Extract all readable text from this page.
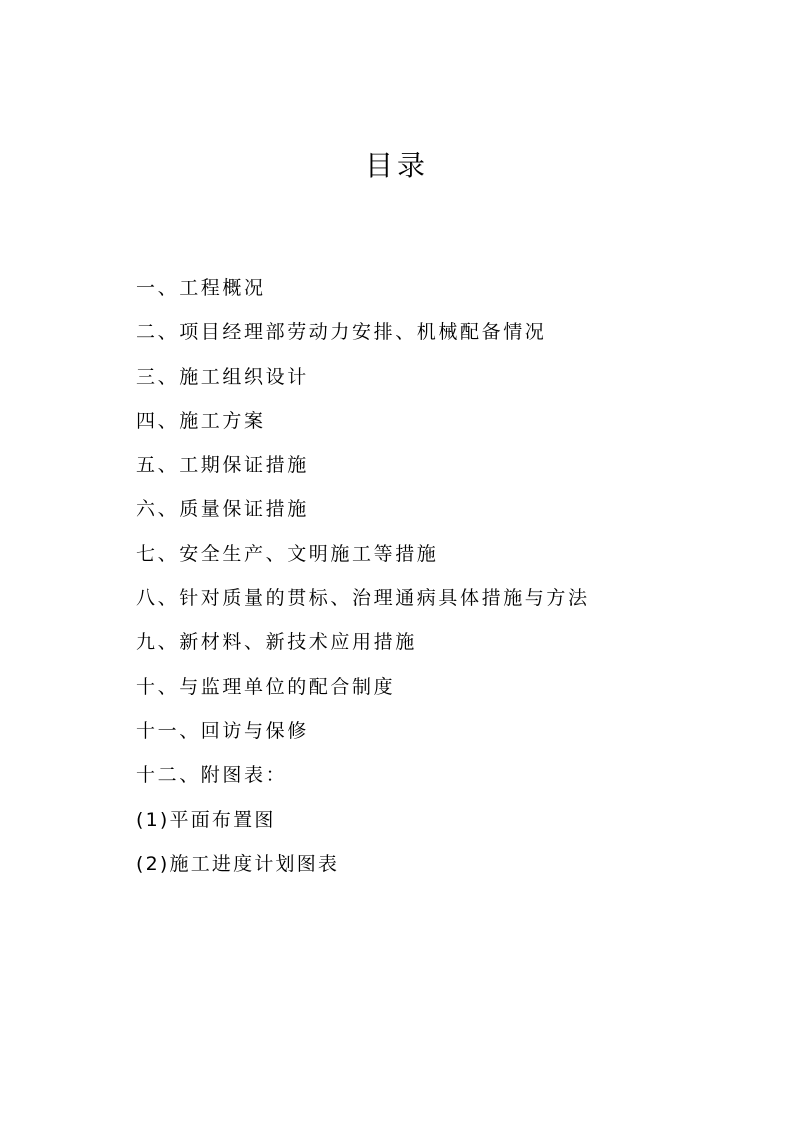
目录
一、工程概况
二、项目经理部劳动力安排、机械配备情况
三、施工组织设计
四、施工方案
五、工期保证措施
六、质量保证措施
七、安全生产、文明施工等措施
八、针对质量的贯标、治理通病具体措施与方法
九、新材料、新技术应用措施
十、与监理单位的配合制度
十一、回访与保修
十二、附图表：
(1)平面布置图
(2)施工进度计划图表
